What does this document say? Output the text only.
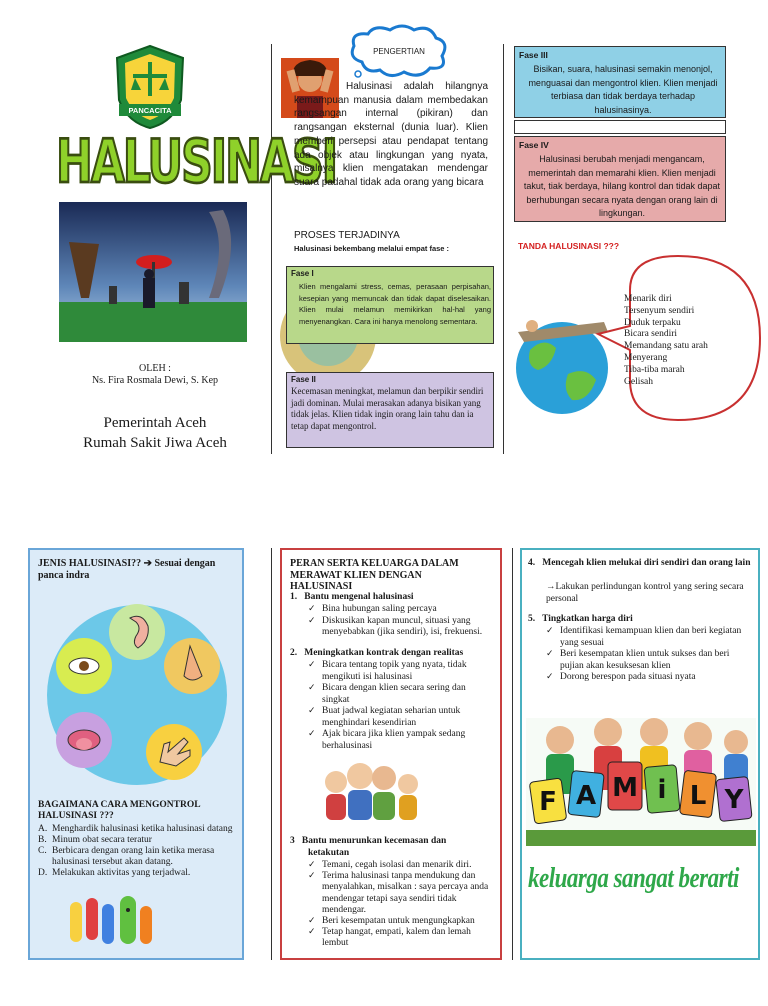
PANCACITA
HALUSINASI
OLEH :
Ns. Fira Rosmala Dewi, S. Kep
Pemerintah Aceh
Rumah Sakit Jiwa Aceh
PENGERTIAN
Halusinasi adalah hilangnya kemampuan manusia dalam membedakan rangsangan internal (pikiran) dan rangsangan eksternal (dunia luar). Klien memberi persepsi atau pendapat tentang ada objek atau lingkungan yang nyata, misalnya klien mengatakan mendengar suara padahal tidak ada orang yang bicara
PROSES TERJADINYA
Halusinasi bekembang melalui empat fase :
Fase I
Klien mengalami stress, cemas, perasaan perpisahan, kesepian yang memuncak dan tidak dapat diselesaikan. Klien mulai melamun memikirkan hal-hal yang menyenangkan. Cara ini hanya menolong sementara.
Fase II
Kecemasan meningkat, melamun dan berpikir sendiri jadi dominan. Mulai merasakan adanya bisikan yang tidak jelas. Klien tidak ingin orang lain tahu dan ia tetap dapat mengontrol.
Fase III
Bisikan, suara, halusinasi semakin menonjol, menguasai dan mengontrol klien. Klien menjadi terbiasa dan tidak berdaya terhadap halusinasinya.
Fase IV
Halusinasi berubah menjadi mengancam, memerintah dan memarahi klien. Klien menjadi takut, tiak berdaya, hilang kontrol dan tidak dapat berhubungan secara nyata dengan orang lain di lingkungan.
TANDA HALUSINASI ???
Menarik diri
Tersenyum sendiri
Duduk terpaku
Bicara sendiri
Memandang satu arah
Menyerang
Tiba-tiba marah
Gelisah
JENIS HALUSINASI?? ➔ Sesuai dengan panca indra
BAGAIMANA CARA MENGONTROL HALUSINASI ???
A. Menghardik halusinasi ketika halusinasi datang
B. Minum obat secara teratur
C. Berbicara dengan orang lain ketika merasa halusinasi tersebut akan datang.
D. Melakukan aktivitas yang terjadwal.
PERAN SERTA KELUARGA DALAM MERAWAT KLIEN DENGAN HALUSINASI
1.   Bantu mengenal halusinasi
✓ Bina hubungan saling percaya
✓ Diskusikan kapan muncul, situasi yang menyebabkan (jika sendiri), isi, frekuensi.
2.   Meningkatkan kontrak dengan realitas
✓ Bicara tentang topik yang nyata, tidak mengikuti isi halusinasi
✓ Bicara dengan klien secara sering dan singkat
✓ Buat jadwal kegiatan seharian untuk menghindari kesendirian
✓ Ajak bicara jika klien yampak sedang berhalusinasi
3   Bantu menurunkan kecemasan dan ketakutan
✓ Temani, cegah isolasi dan menarik diri.
✓ Terima halusinasi tanpa mendukung dan menyalahkan, misalkan : saya percaya anda mendengar tetapi saya sendiri tidak mendengar.
✓ Beri kesempatan untuk mengungkapkan
✓ Tetap hangat, empati, kalem dan lemah lembut
4.   Mencegah klien melukai diri sendiri dan orang lain
→Lakukan perlindungan kontrol yang sering secara personal
5.   Tingkatkan harga diri
✓ Identifikasi kemampuan klien dan beri kegiatan yang sesuai
✓ Beri kesempatan klien untuk sukses dan beri pujian akan kesuksesan klien
✓ Dorong berespon pada situasi nyata
F A M i L Y
keluarga sangat berarti
